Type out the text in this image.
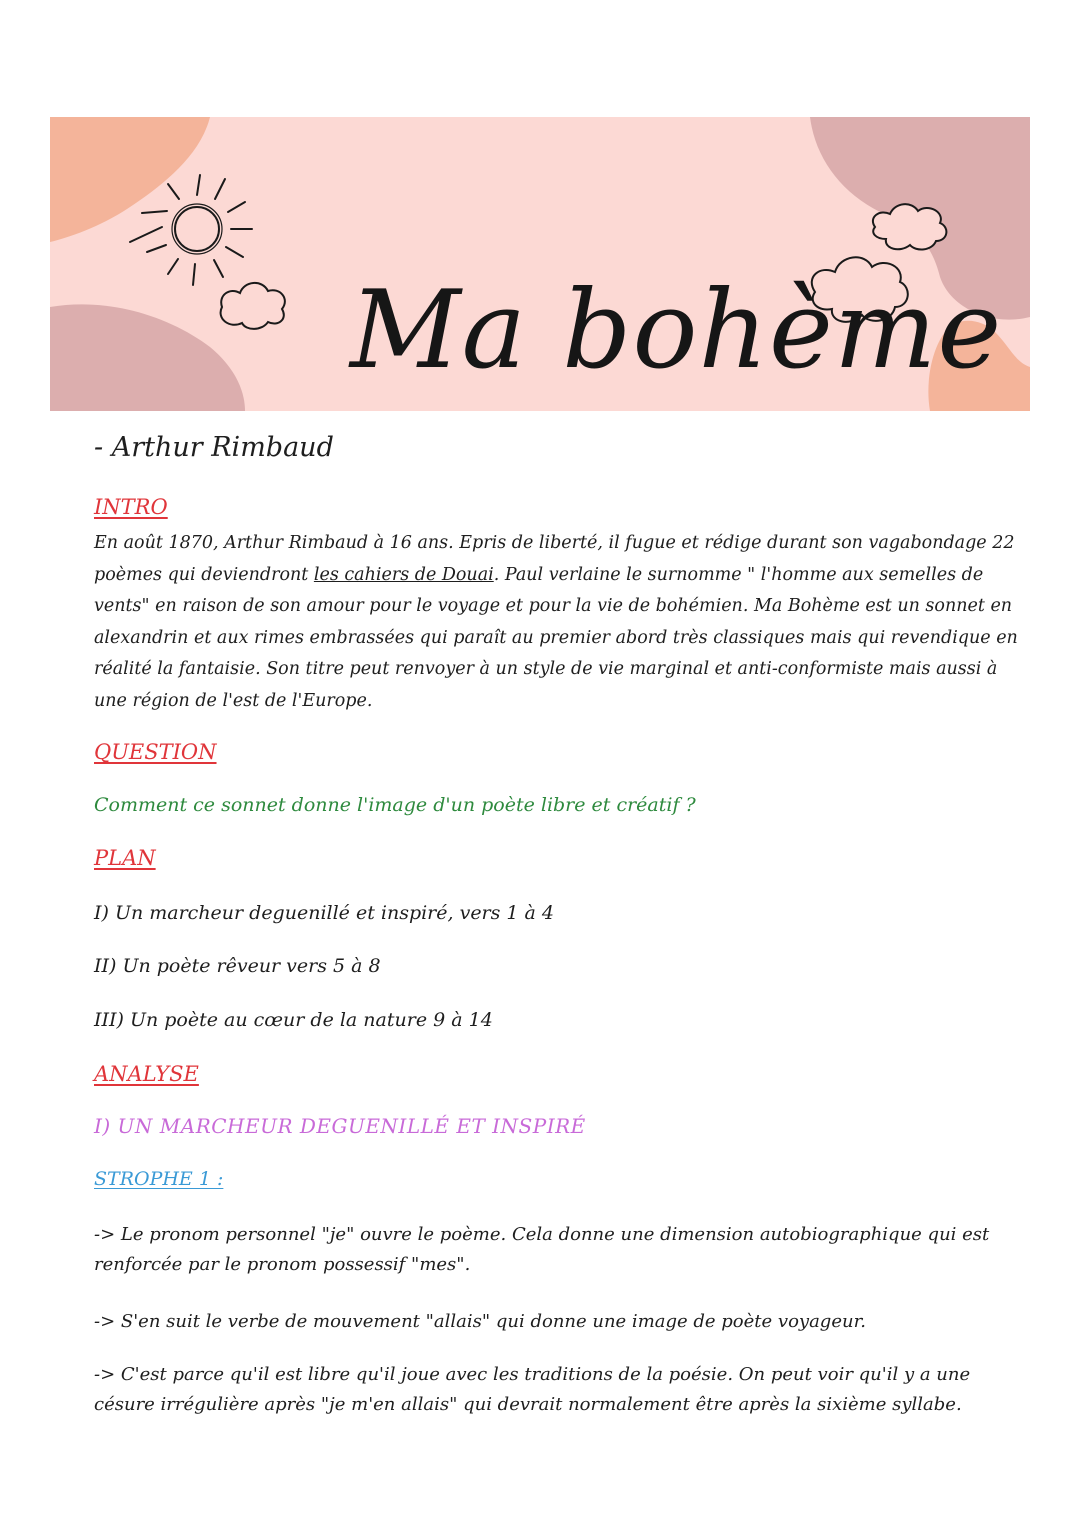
Ma bohème
- Arthur Rimbaud
INTRO
En août 1870, Arthur Rimbaud à 16 ans. Epris de liberté, il fugue et rédige durant son vagabondage 22 poèmes qui deviendront les cahiers de Douai. Paul verlaine le surnomme " l'homme aux semelles de vents" en raison de son amour pour le voyage et pour la vie de bohémien. Ma Bohème est un sonnet en alexandrin et aux rimes embrassées qui paraît au premier abord très classiques mais qui revendique en réalité la fantaisie. Son titre peut renvoyer à un style de vie marginal et anti-conformiste mais aussi à une région de l'est de l'Europe.
QUESTION
Comment ce sonnet donne l'image d'un poète libre et créatif ?
PLAN
I) Un marcheur deguenillé et inspiré, vers 1 à 4
II) Un poète rêveur vers 5 à 8
III) Un poète au cœur de la nature 9 à 14
ANALYSE
I) UN MARCHEUR DEGUENILLÉ ET INSPIRÉ
STROPHE 1 :
-> Le pronom personnel "je" ouvre le poème. Cela donne une dimension autobiographique qui est renforcée par le pronom possessif "mes".
-> S'en suit le verbe de mouvement "allais" qui donne une image de poète voyageur.
-> C'est parce qu'il est libre qu'il joue avec les traditions de la poésie. On peut voir qu'il y a une césure irrégulière après "je m'en allais" qui devrait normalement être après la sixième syllabe.
